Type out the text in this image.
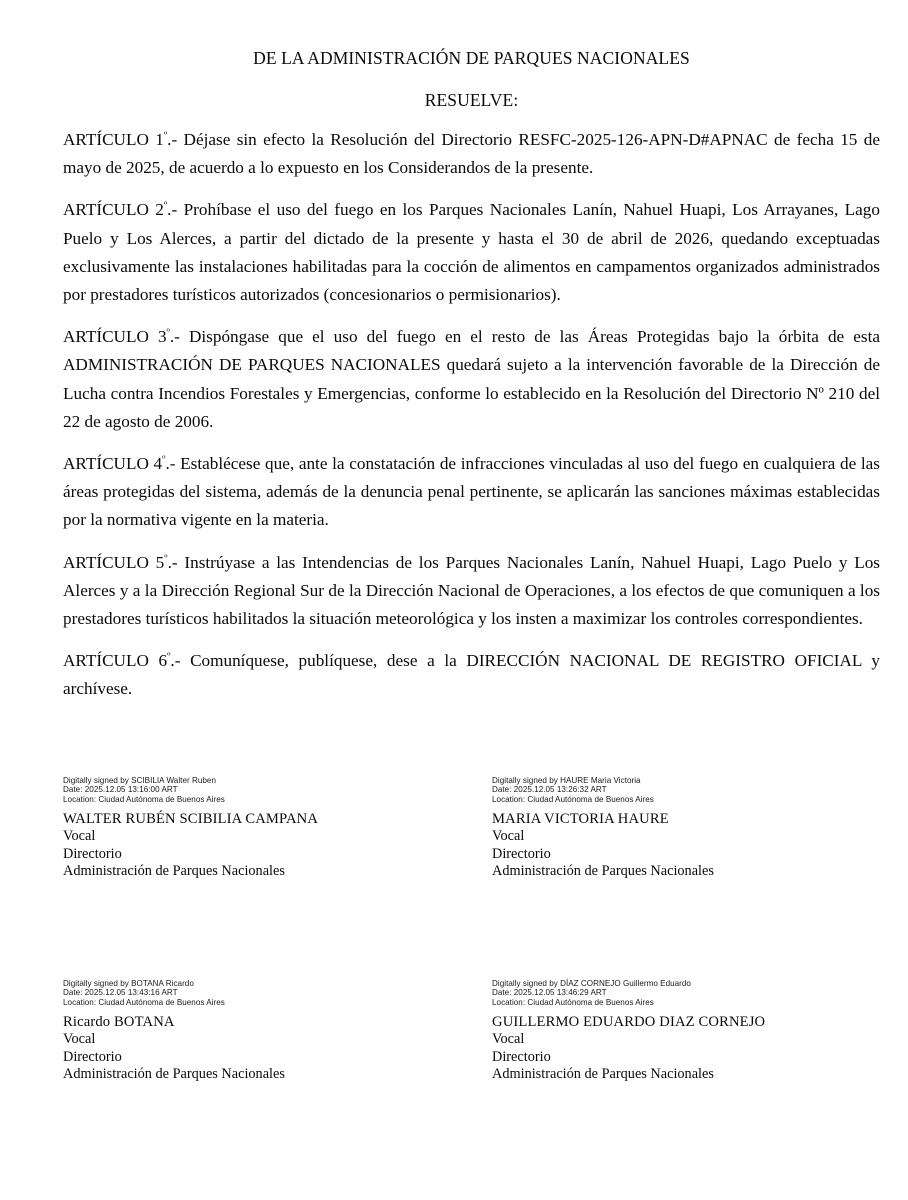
DE LA ADMINISTRACIÓN DE PARQUES NACIONALES
RESUELVE:

ARTÍCULO $1^º.-$ Déjase sin efecto la Resolución del Directorio RESFC-2025-126-APN-D#APNAC de fecha 15 de mayo de 2025, de acuerdo a lo expuesto en los Considerandos de la presente.

ARTÍCULO $2^º.-$ Prohíbase el uso del fuego en los Parques Nacionales Lanín, Nahuel Huapi, Los Arrayanes, Lago Puelo y Los Alerces, a partir del dictado de la presente y hasta el 30 de abril de 2026, quedando exceptuadas exclusivamente las instalaciones habilitadas para la cocción de alimentos en campamentos organizados administrados por prestadores turísticos autorizados (concesionarios o permisionarios).

ARTÍCULO $3^º.-$ Dispóngase que el uso del fuego en el resto de las Áreas Protegidas bajo la órbita de esta ADMINISTRACIÓN DE PARQUES NACIONALES quedará sujeto a la intervención favorable de la Dirección de Lucha contra Incendios Forestales y Emergencias, conforme lo establecido en la Resolución del Directorio Nº 210 del 22 de agosto de 2006.

ARTÍCULO $4^º.-$ Establécese que, ante la constatación de infracciones vinculadas al uso del fuego en cualquiera de las áreas protegidas del sistema, además de la denuncia penal pertinente, se aplicarán las sanciones máximas establecidas por la normativa vigente en la materia.

ARTÍCULO $5^º.-$ Instrúyase a las Intendencias de los Parques Nacionales Lanín, Nahuel Huapi, Lago Puelo y Los Alerces y a la Dirección Regional Sur de la Dirección Nacional de Operaciones, a los efectos de que comuniquen a los prestadores turísticos habilitados la situación meteorológica y los insten a maximizar los controles correspondientes.

ARTÍCULO $6^º.-$ Comuníquese, publíquese, dese a la DIRECCIÓN NACIONAL DE REGISTRO OFICIAL y archívese.

Digitally signed by SCIBILIA Walter Ruben
Date: 2025.12.05 13:16:00 ART
Location: Ciudad Autónoma de Buenos Aires
WALTER RUBÉN SCIBILIA CAMPANA
Vocal
Directorio
Administración de Parques Nacionales
Digitally signed by HAURE Maria Victoria
Date: 2025.12.05 13:26:32 ART
Location: Ciudad Autónoma de Buenos Aires
MARIA VICTORIA HAURE
Vocal
Directorio
Administración de Parques Nacionales
Digitally signed by BOTANA Ricardo
Date: 2025.12.05 13:43:16 ART
Location: Ciudad Autónoma de Buenos Aires
Ricardo BOTANA
Vocal
Directorio
Administración de Parques Nacionales
Digitally signed by DÍAZ CORNEJO Guillermo Eduardo
Date: 2025.12.05 13:46:29 ART
Location: Ciudad Autónoma de Buenos Aires
GUILLERMO EDUARDO DIAZ CORNEJO
Vocal
Directorio
Administración de Parques Nacionales
